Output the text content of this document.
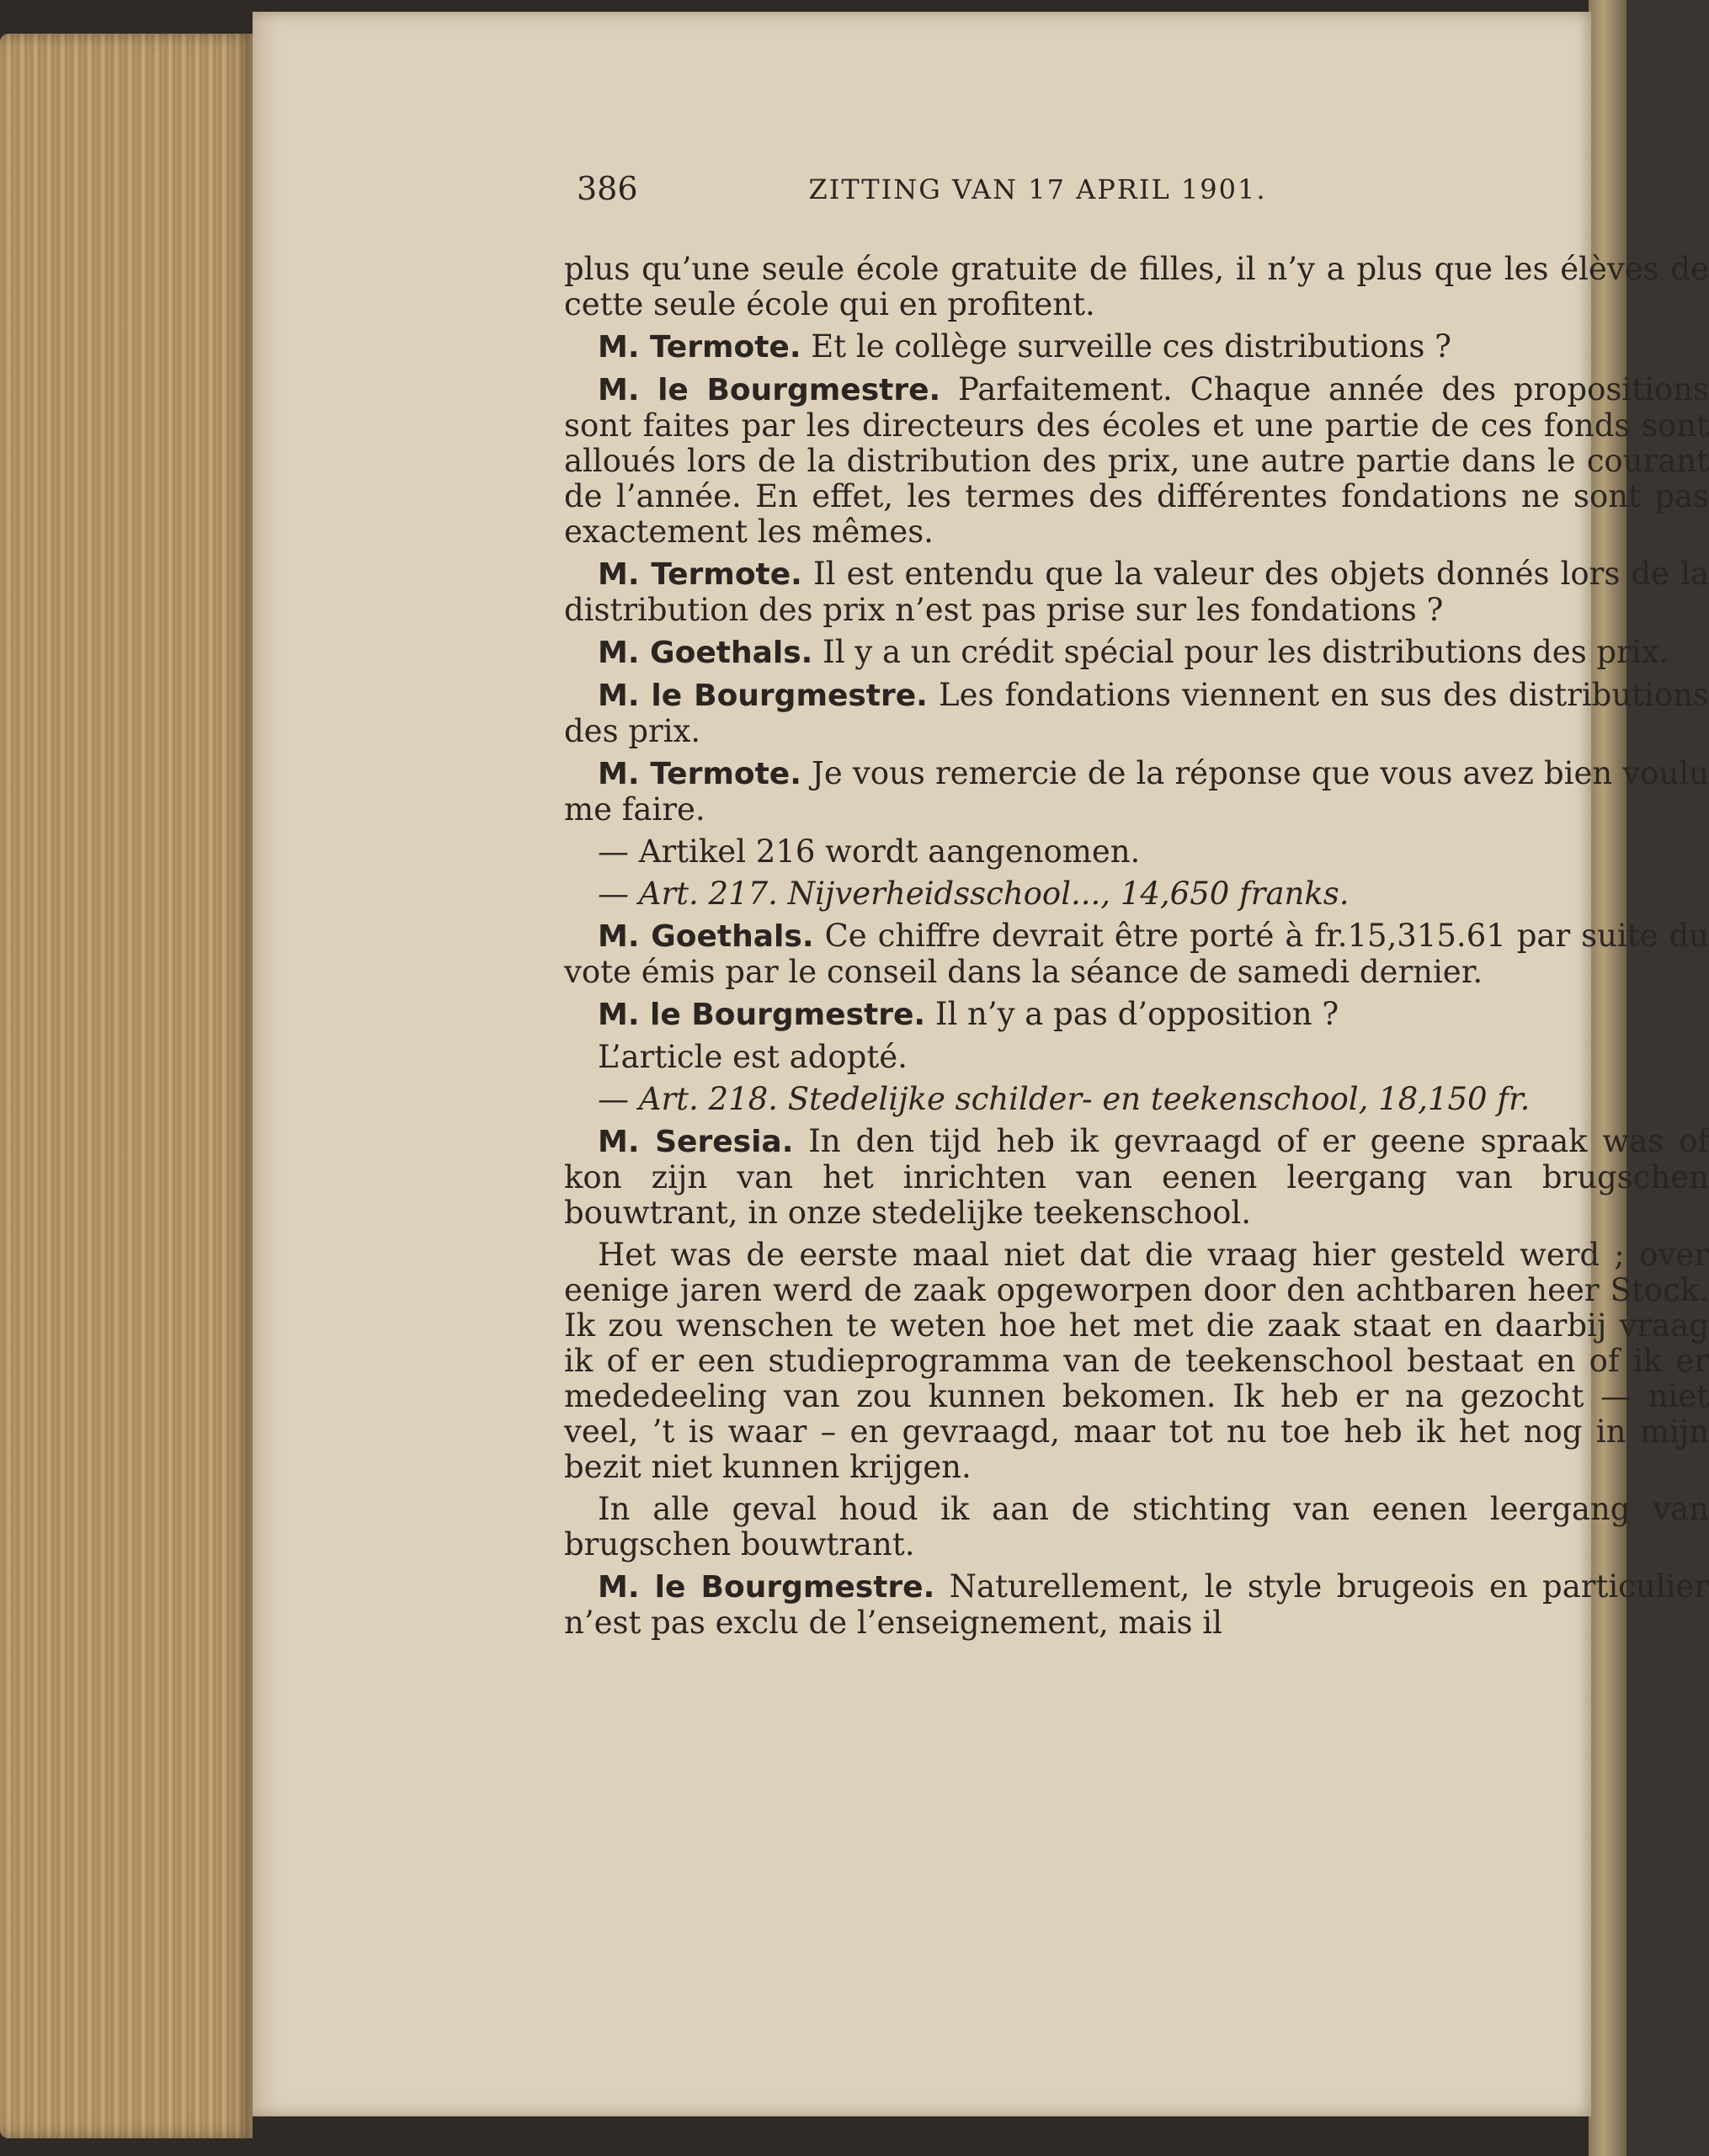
386	ZITTING VAN 17 APRIL 1901.

plus qu’une seule école gratuite de filles, il n’y a plus que les élèves de cette seule école qui en profitent.

M. Termote. Et le collège surveille ces distributions ?

M. le Bourgmestre. Parfaitement. Chaque année des propositions sont faites par les directeurs des écoles et une partie de ces fonds sont alloués lors de la distribution des prix, une autre partie dans le courant de l’année. En effet, les termes des différentes fondations ne sont pas exactement les mêmes.

M. Termote. Il est entendu que la valeur des objets donnés lors de la distribution des prix n’est pas prise sur les fondations ?

M. Goethals. Il y a un crédit spécial pour les distributions des prix.

M. le Bourgmestre. Les fondations viennent en sus des distributions des prix.

M. Termote. Je vous remercie de la réponse que vous avez bien voulu me faire.

— Artikel 216 wordt aangenomen.

— Art. 217. Nijverheidsschool..., 14,650 franks.

M. Goethals. Ce chiffre devrait être porté à fr.15,315.61 par suite du vote émis par le conseil dans la séance de samedi dernier.

M. le Bourgmestre. Il n’y a pas d’opposition ?

L’article est adopté.

— Art. 218. Stedelijke schilder- en teekenschool, 18,150 fr.

M. Seresia. In den tijd heb ik gevraagd of er geene spraak was of kon zijn van het inrichten van eenen leergang van brugschen bouwtrant, in onze stedelijke teekenschool.

Het was de eerste maal niet dat die vraag hier gesteld werd ; over eenige jaren werd de zaak opgeworpen door den achtbaren heer Stock. Ik zou wenschen te weten hoe het met die zaak staat en daarbij vraag ik of er een studieprogramma van de teekenschool bestaat en of ik er mededeeling van zou kunnen bekomen. Ik heb er na gezocht — niet veel, ’t is waar – en gevraagd, maar tot nu toe heb ik het nog in mijn bezit niet kunnen krijgen.

In alle geval houd ik aan de stichting van eenen leergang van brugschen bouwtrant.

M. le Bourgmestre. Naturellement, le style brugeois en particulier n’est pas exclu de l’enseignement, mais il
